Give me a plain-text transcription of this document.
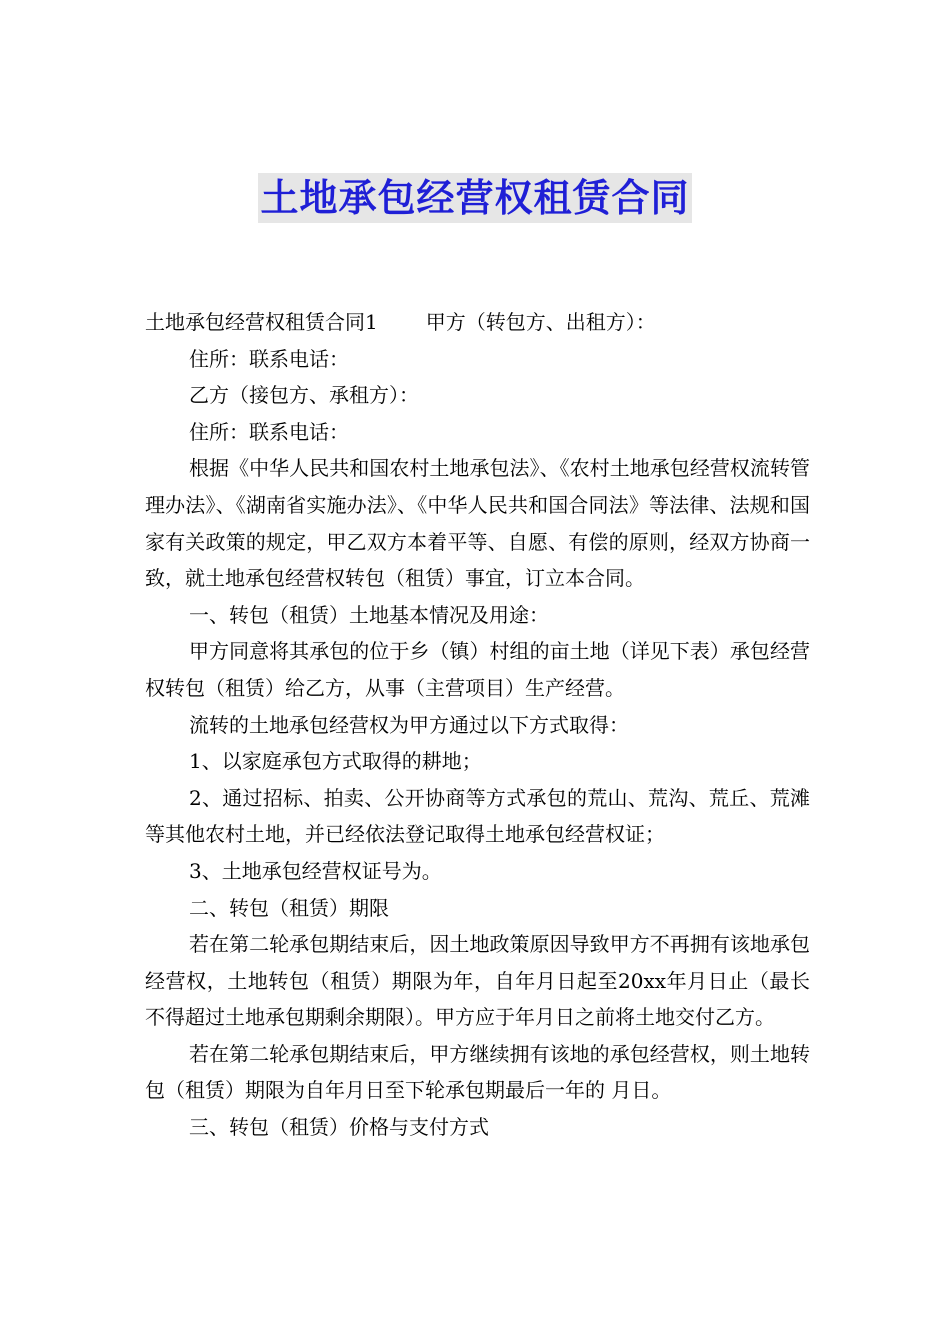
土地承包经营权租赁合同

土地承包经营权租赁合同1 甲方（转包方、出租方）：

住所：联系电话：

乙方（接包方、承租方）：

住所：联系电话：

根据《中华人民共和国农村土地承包法》、《农村土地承包经营权流转管理办法》、《湖南省实施办法》、《中华人民共和国合同法》等法律、法规和国家有关政策的规定，甲乙双方本着平等、自愿、有偿的原则，经双方协商一致，就土地承包经营权转包（租赁）事宜，订立本合同。

一、转包（租赁）土地基本情况及用途：

甲方同意将其承包的位于乡（镇）村组的亩土地（详见下表）承包经营权转包（租赁）给乙方，从事（主营项目）生产经营。

流转的土地承包经营权为甲方通过以下方式取得：

1、以家庭承包方式取得的耕地；

2、通过招标、拍卖、公开协商等方式承包的荒山、荒沟、荒丘、荒滩等其他农村土地，并已经依法登记取得土地承包经营权证；

3、土地承包经营权证号为。

二、转包（租赁）期限

若在第二轮承包期结束后，因土地政策原因导致甲方不再拥有该地承包经营权，土地转包（租赁）期限为年，自年月日起至20xx年月日止（最长不得超过土地承包期剩余期限）。甲方应于年月日之前将土地交付乙方。

若在第二轮承包期结束后，甲方继续拥有该地的承包经营权，则土地转包（租赁）期限为自年月日至下轮承包期最后一年的 月日。

三、转包（租赁）价格与支付方式
